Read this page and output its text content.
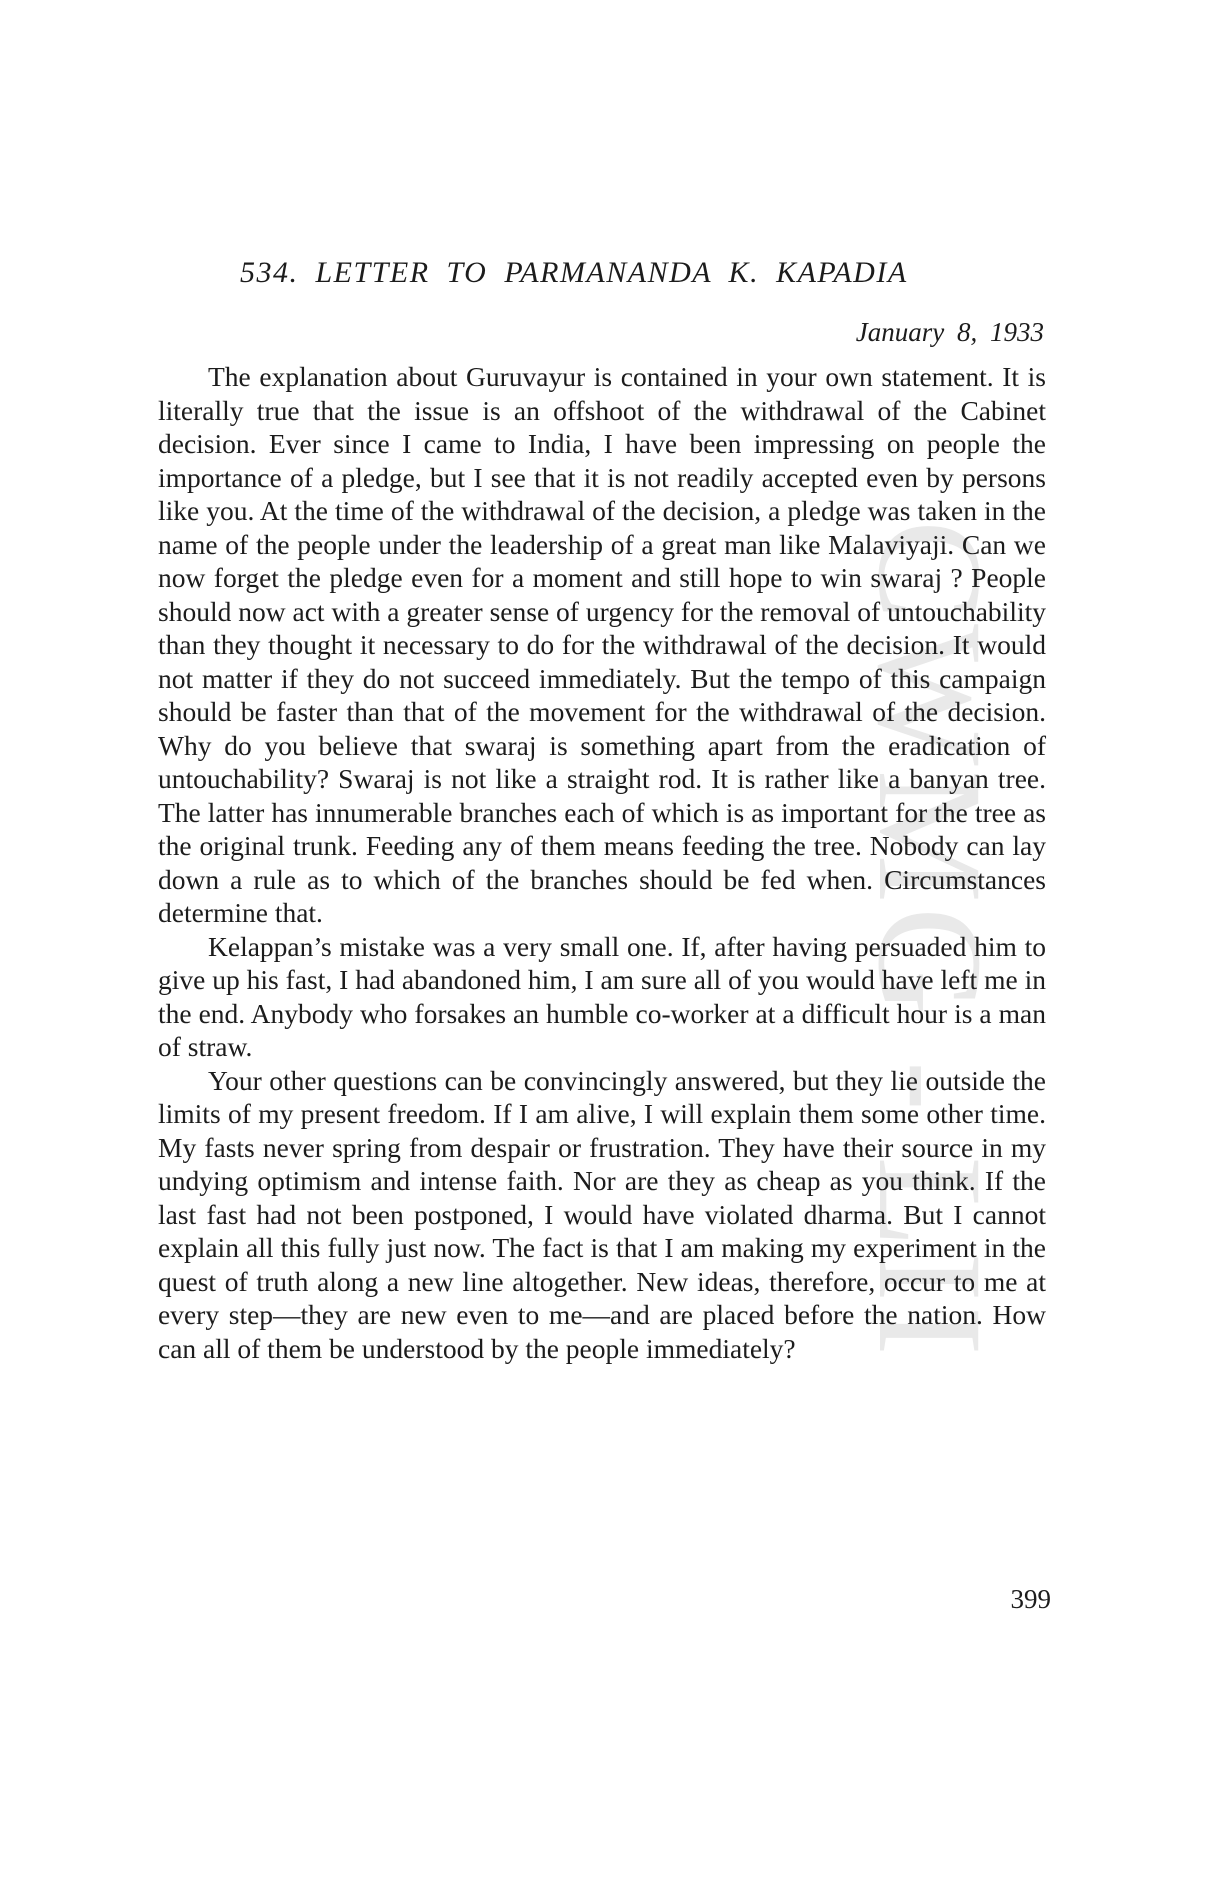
CWMG - LII
534. LETTER TO PARMANANDA K. KAPADIA
January 8, 1933

The explanation about Guruvayur is contained in your own statement. It is literally true that the issue is an offshoot of the withdrawal of the Cabinet decision. Ever since I came to India, I have been impressing on people the importance of a pledge, but I see that it is not readily accepted even by persons like you. At the time of the withdrawal of the decision, a pledge was taken in the name of the people under the leadership of a great man like Malaviyaji. Can we now forget the pledge even for a moment and still hope to win swaraj ? People should now act with a greater sense of urgency for the removal of untouchability than they thought it necessary to do for the withdrawal of the decision. It would not matter if they do not succeed immediately. But the tempo of this campaign should be faster than that of the movement for the withdrawal of the decision. Why do you believe that swaraj is something apart from the eradication of untouchability? Swaraj is not like a straight rod. It is rather like a banyan tree. The latter has innumerable branches each of which is as important for the tree as the original trunk. Feeding any of them means feeding the tree. Nobody can lay down a rule as to which of the branches should be fed when. Circumstances determine that.

Kelappan’s mistake was a very small one. If, after having persuaded him to give up his fast, I had abandoned him, I am sure all of you would have left me in the end. Anybody who forsakes an humble co-worker at a difficult hour is a man of straw.

Your other questions can be convincingly answered, but they lie outside the limits of my present freedom. If I am alive, I will explain them some other time. My fasts never spring from despair or frustration. They have their source in my undying optimism and intense faith. Nor are they as cheap as you think. If the last fast had not been postponed, I would have violated dharma. But I cannot explain all this fully just now. The fact is that I am making my experiment in the quest of truth along a new line altogether. New ideas, therefore, occur to me at every step—they are new even to me—and are placed before the nation. How can all of them be understood by the people immediately?

399
